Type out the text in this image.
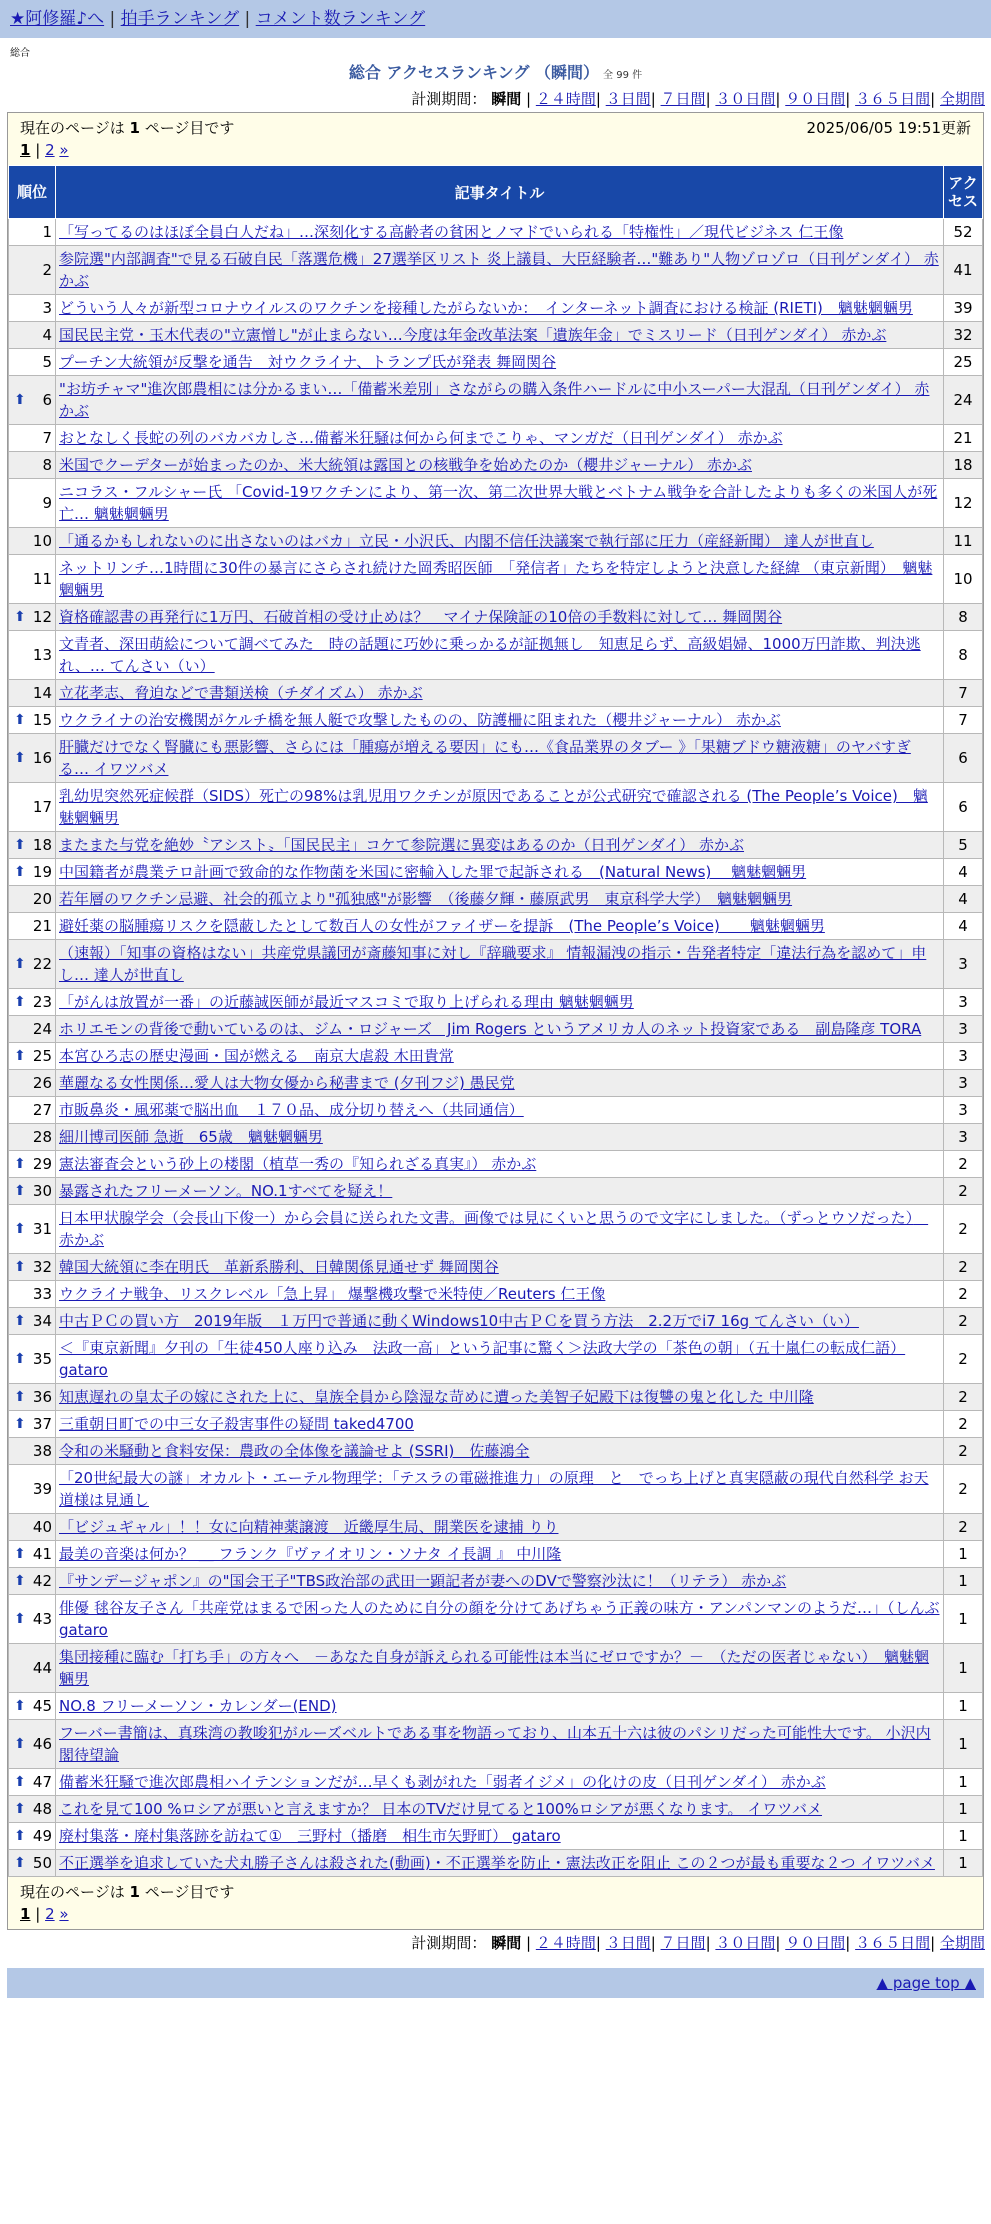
★阿修羅♪へ | 拍手ランキング | コメント数ランキング
総合
総合 アクセスランキング （瞬間） 全 99 件
計測期間： 瞬間 | ２４時間| ３日間| ７日間| ３０日間| ９０日間| ３６５日間| 全期間
現在のページは 1 ページ目です	2025/06/05 19:51更新
1 | 2 »
順位	記事タイトル	アクセス
1	「写ってるのはほぼ全員白人だね」…深刻化する高齢者の貧困とノマドでいられる「特権性」／現代ビジネス 仁王像	52
2	参院選"内部調査"で見る石破自民「落選危機」27選挙区リスト 炎上議員、大臣経験者…"難あり"人物ゾロゾロ（日刊ゲンダイ） 赤かぶ	41
3	どういう人々が新型コロナウイルスのワクチンを接種したがらないか：　インターネット調査における検証 (RIETI)　魑魅魍魎男	39
4	国民民主党・玉木代表の"立憲憎し"が止まらない…今度は年金改革法案「遺族年金」でミスリード（日刊ゲンダイ） 赤かぶ	32
5	プーチン大統領が反撃を通告　対ウクライナ、トランプ氏が発表 舞岡関谷	25

⬆ 6	"お坊チャマ"進次郎農相には分かるまい…「備蓄米差別」さながらの購入条件ハードルに中小スーパー大混乱（日刊ゲンダイ） 赤かぶ	24
7	おとなしく長蛇の列のバカバカしさ…備蓄米狂騒は何から何までこりゃ、マンガだ（日刊ゲンダイ） 赤かぶ	21
8	米国でクーデターが始まったのか、米大統領は露国との核戦争を始めたのか（櫻井ジャーナル） 赤かぶ	18
9	ニコラス・フルシャー氏 「Covid-19ワクチンにより、第一次、第二次世界大戦とベトナム戦争を合計したよりも多くの米国人が死亡… 魑魅魍魎男	12
10	「通るかもしれないのに出さないのはバカ」立民・小沢氏、内閣不信任決議案で執行部に圧力（産経新聞） 達人が世直し	11
11	ネットリンチ…1時間に30件の暴言にさらされ続けた岡秀昭医師　「発信者」たちを特定しようと決意した経緯 （東京新聞）　魑魅魍魎男	10

⬆ 12	資格確認書の再発行に1万円、石破首相の受け止めは？　マイナ保険証の10倍の手数料に対して… 舞岡関谷	8
13	文青者、深田萌絵について調べてみた　時の話題に巧妙に乗っかるが証拠無し　知恵足らず、高級娼婦、1000万円詐欺、判決逃れ、… てんさい（い）	8
14	立花孝志、脅迫などで書類送検（チダイズム） 赤かぶ	7

⬆ 15	ウクライナの治安機関がケルチ橋を無人艇で攻撃したものの、防護柵に阻まれた（櫻井ジャーナル） 赤かぶ	7

⬆ 16	肝臓だけでなく腎臓にも悪影響、さらには「腫瘍が増える要因」にも…《食品業界のタブー 》「果糖ブドウ糖液糖」のヤバすぎる… イワツバメ	6
17	乳幼児突然死症候群（SIDS）死亡の98%は乳児用ワクチンが原因であることが公式研究で確認される (The People’s Voice)　魑魅魍魎男	6

⬆ 18	またまた与党を絶妙〝アシスト〟「国民民主」コケて参院選に異変はあるのか（日刊ゲンダイ） 赤かぶ	5

⬆ 19	中国籍者が農業テロ計画で致命的な作物菌を米国に密輸入した罪で起訴される　(Natural News)　 魑魅魍魎男	4
20	若年層のワクチン忌避、社会的孤立より"孤独感"が影響　（後藤夕輝・藤原武男　東京科学大学）　魑魅魍魎男	4
21	避妊薬の脳腫瘍リスクを隠蔽したとして数百人の女性がファイザーを提訴　(The People’s Voice)　　魑魅魍魎男	4

⬆ 22	（速報）「知事の資格はない」共産党県議団が斎藤知事に対し『辞職要求』 情報漏洩の指示・告発者特定「違法行為を認めて」申し… 達人が世直し	3

⬆ 23	「がんは放置が一番」の近藤誠医師が最近マスコミで取り上げられる理由 魑魅魍魎男	3
24	ホリエモンの背後で動いているのは、ジム・ロジャーズ　Jim Rogers というアメリカ人のネット投資家である　副島隆彦 TORA	3

⬆ 25	本宮ひろ志の歴史漫画・国が燃える　南京大虐殺 木田貴常	3
26	華麗なる女性関係…愛人は大物女優から秘書まで (夕刊フジ) 愚民党	3
27	市販鼻炎・風邪薬で脳出血　１７０品、成分切り替えへ（共同通信）	3
28	細川博司医師 急逝　65歳　魑魅魍魎男	3

⬆ 29	憲法審査会という砂上の楼閣（植草一秀の『知られざる真実』） 赤かぶ	2

⬆ 30	暴露されたフリーメーソン。NO.1すべてを疑え！	2

⬆ 31	日本甲状腺学会（会長山下俊一）から会員に送られた文書。画像では見にくいと思うので文字にしました。（ずっとウソだった）　赤かぶ	2

⬆ 32	韓国大統領に李在明氏　革新系勝利、日韓関係見通せず 舞岡関谷	2
33	ウクライナ戦争、リスクレベル「急上昇」 爆撃機攻撃で米特使／Reuters 仁王像	2

⬆ 34	中古ＰＣの買い方　2019年版　１万円で普通に動くWindows10中古ＰＣを買う方法　2.2万でi7 16g てんさい（い）	2

⬆ 35	＜『東京新聞』夕刊の「生徒450人座り込み　法政一高」という記事に驚く＞法政大学の「茶色の朝」（五十嵐仁の転成仁語） gataro	2

⬆ 36	知恵遅れの皇太子の嫁にされた上に、皇族全員から陰湿な苛めに遭った美智子妃殿下は復讐の鬼と化した 中川隆	2

⬆ 37	三重朝日町での中三女子殺害事件の疑問 taked4700	2
38	令和の米騒動と食料安保：農政の全体像を議論せよ (SSRI)　佐藤鴻全	2
39	「20世紀最大の謎」オカルト・エーテル物理学：「テスラの電磁推進力」の原理　と　でっち上げと真実隠蔽の現代自然科学 お天道様は見通し	2
40	「ビジュギャル」！！女に向精神薬譲渡　近畿厚生局、開業医を逮捕 りり	2

⬆ 41	最美の音楽は何か？ ＿ フランク『ヴァイオリン・ソナタ イ長調 』 中川隆	1

⬆ 42	『サンデージャポン』の"国会王子"TBS政治部の武田一顕記者が妻へのDVで警察沙汰に！（リテラ） 赤かぶ	1

⬆ 43	俳優 毬谷友子さん「共産党はまるで困った人のために自分の顔を分けてあげちゃう正義の味方・アンパンマンのようだ…」（しんぶ gataro	1
44	集団接種に臨む「打ち手」の方々へ　－あなた自身が訴えられる可能性は本当にゼロですか？－　（ただの医者じゃない）　魑魅魍魎男	1

⬆ 45	NO.8 フリーメーソン・カレンダー(END)	1

⬆ 46	フーバー書簡は、真珠湾の教唆犯がルーズベルトである事を物語っており、山本五十六は彼のパシリだった可能性大です。 小沢内閣待望論	1

⬆ 47	備蓄米狂騒で進次郎農相ハイテンションだが…早くも剥がれた「弱者イジメ」の化けの皮（日刊ゲンダイ） 赤かぶ	1

⬆ 48	これを見て100 %ロシアが悪いと言えますか？ 日本のTVだけ見てると100%ロシアが悪くなります。 イワツバメ	1

⬆ 49	廃村集落・廃村集落跡を訪ねて①　三野村（播磨　相生市矢野町） gataro	1

⬆ 50	不正選挙を追求していた犬丸勝子さんは殺された(動画)・不正選挙を防止・憲法改正を阻止 この２つが最も重要な２つ イワツバメ	1
現在のページは 1 ページ目です
1 | 2 »
計測期間： 瞬間 | ２４時間| ３日間| ７日間| ３０日間| ９０日間| ３６５日間| 全期間
▲ page top ▲
